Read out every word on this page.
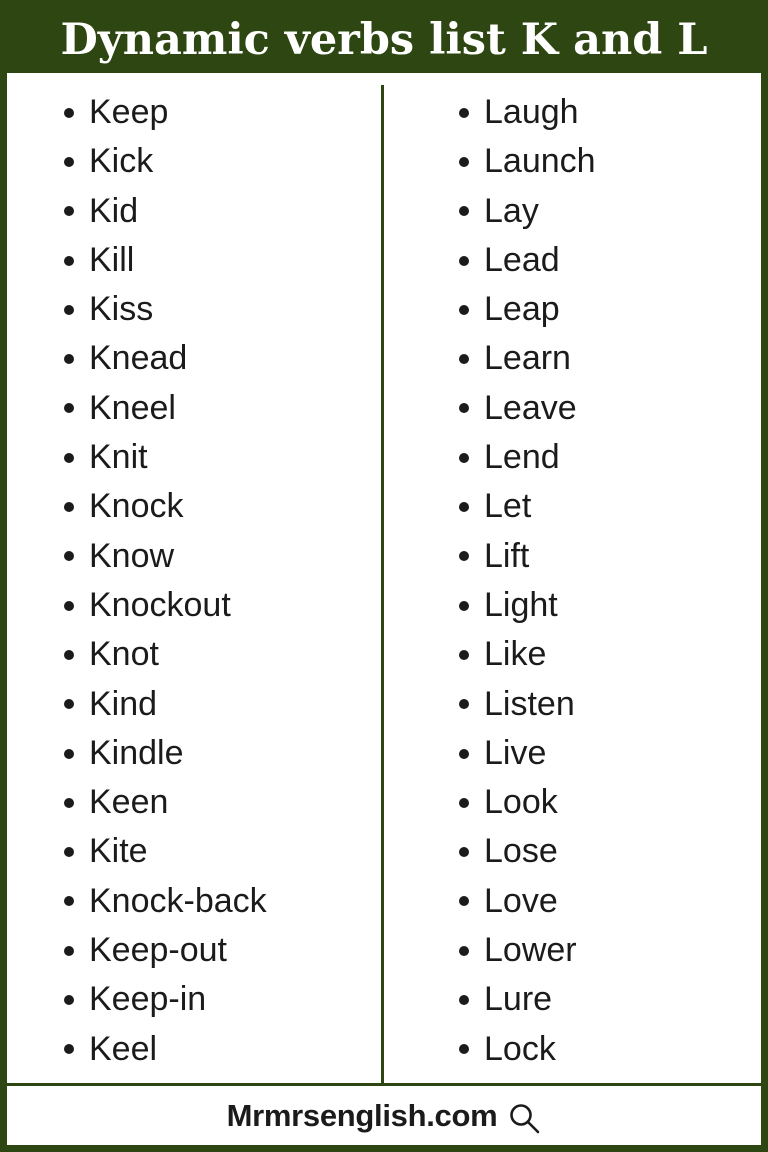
Dynamic verbs list K and L
Keep
Kick
Kid
Kill
Kiss
Knead
Kneel
Knit
Knock
Know
Knockout
Knot
Kind
Kindle
Keen
Kite
Knock-back
Keep-out
Keep-in
Keel
Laugh
Launch
Lay
Lead
Leap
Learn
Leave
Lend
Let
Lift
Light
Like
Listen
Live
Look
Lose
Love
Lower
Lure
Lock
Mrmrsenglish.com
